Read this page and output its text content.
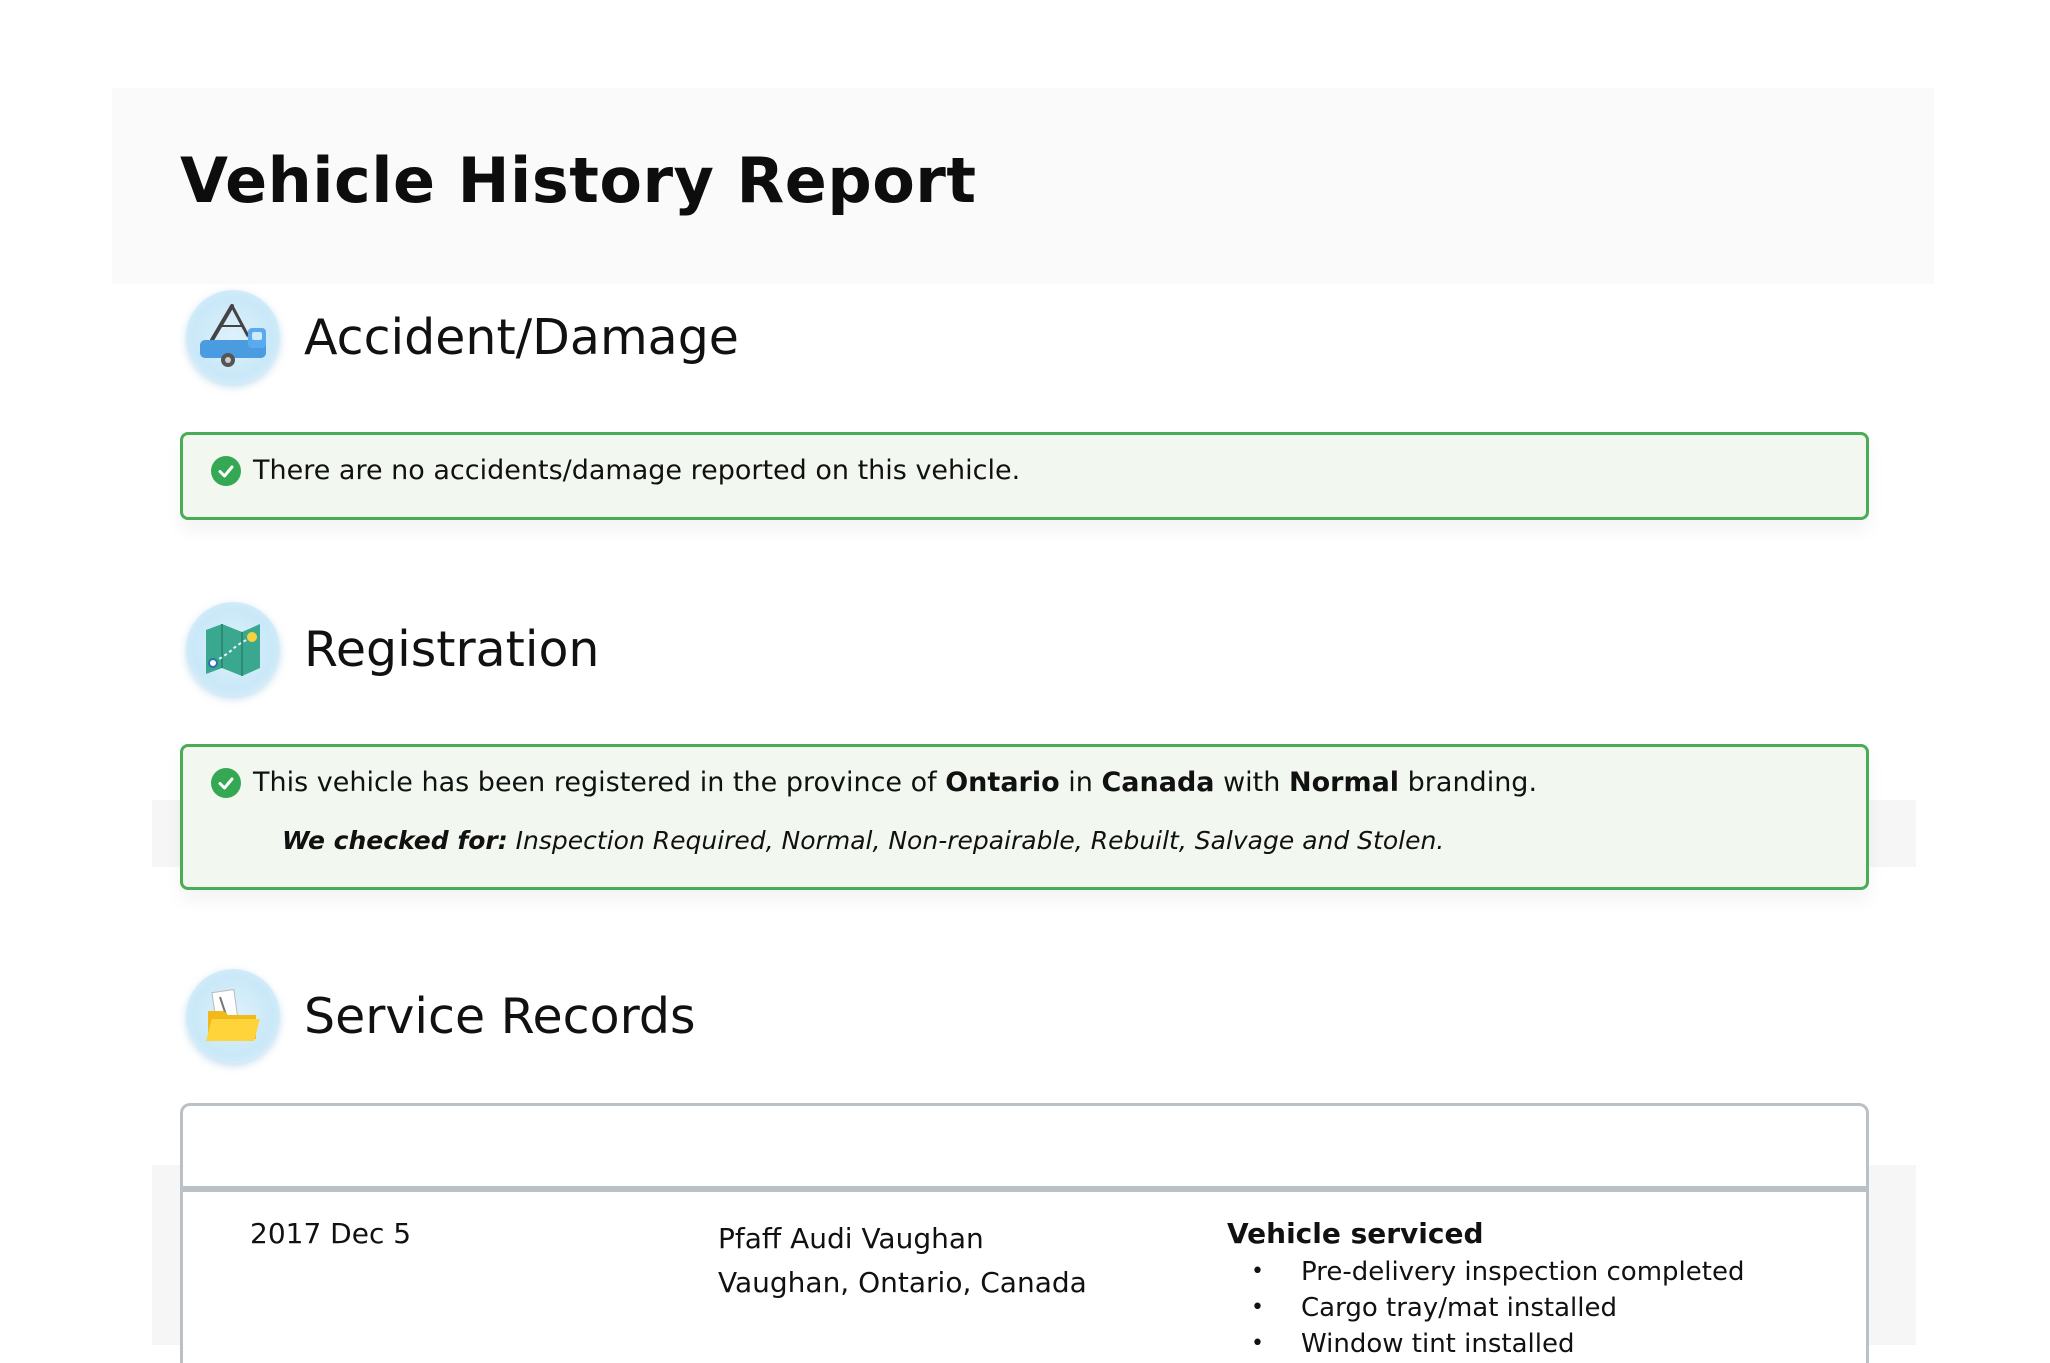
Vehicle History Report
Accident/Damage
There are no accidents/damage reported on this vehicle.
Registration
This vehicle has been registered in the province of Ontario in Canada with Normal branding.
We checked for: Inspection Required, Normal, Non-repairable, Rebuilt, Salvage and Stolen.
Service Records
2017 Dec 5	Pfaff Audi Vaughan
Vaughan, Ontario, Canada
Vehicle serviced
• Pre-delivery inspection completed
• Cargo tray/mat installed
• Window tint installed
